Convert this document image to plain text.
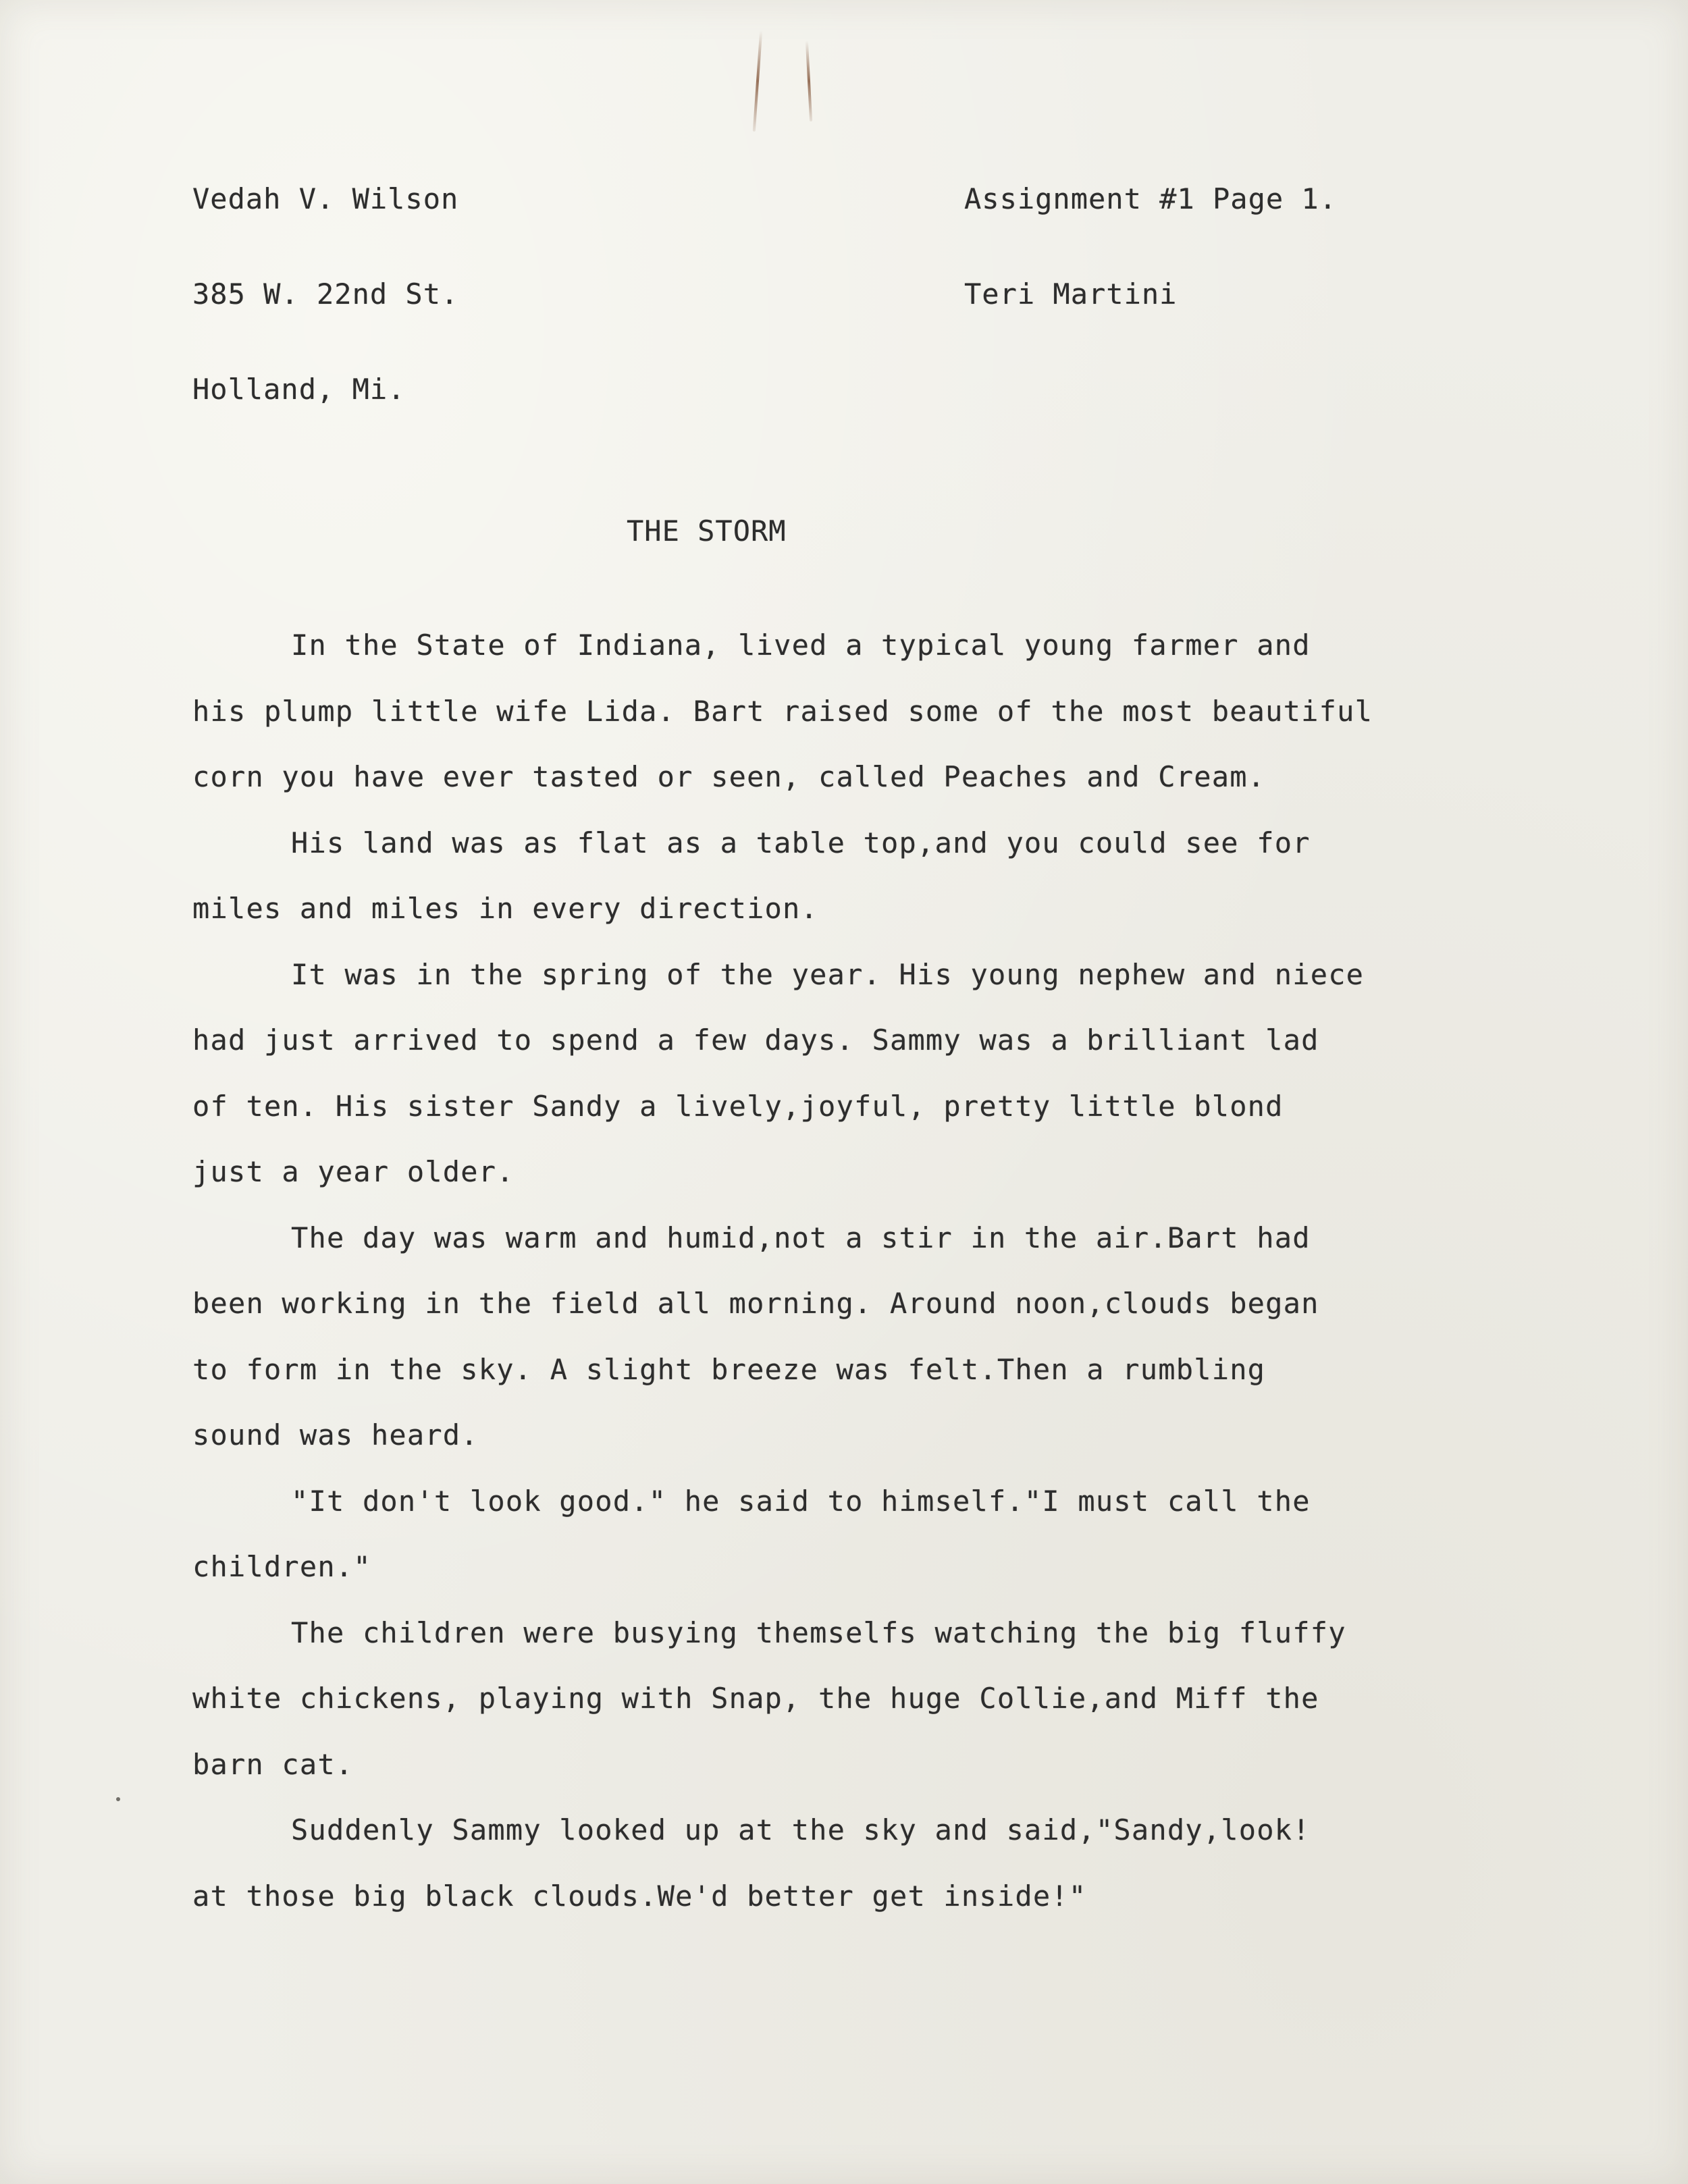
Vedah V. Wilson

385 W. 22nd St.

Holland, Mi.

Assignment #1 Page 1.

Teri Martini

THE STORM
In the State of Indiana, lived a typical young farmer and
his plump little wife Lida. Bart raised some of the most beautiful
corn you have ever tasted or seen, called Peaches and Cream.
His land was as flat as a table top,and you could see for
miles and miles in every direction.
It was in the spring of the year. His young nephew and niece
had just arrived to spend a few days. Sammy was a brilliant lad
of ten. His sister Sandy a lively,joyful, pretty little blond
just a year older.
The day was warm and humid,not a stir in the air.Bart had
been working in the field all morning. Around noon,clouds began
to form in the sky. A slight breeze was felt.Then a rumbling
sound was heard.
"It don't look good." he said to himself."I must call the
children."
The children were busying themselfs watching the big fluffy
white chickens, playing with Snap, the huge Collie,and Miff the
barn cat.
Suddenly Sammy looked up at the sky and said,"Sandy,look!
at those big black clouds.We'd better get inside!"
